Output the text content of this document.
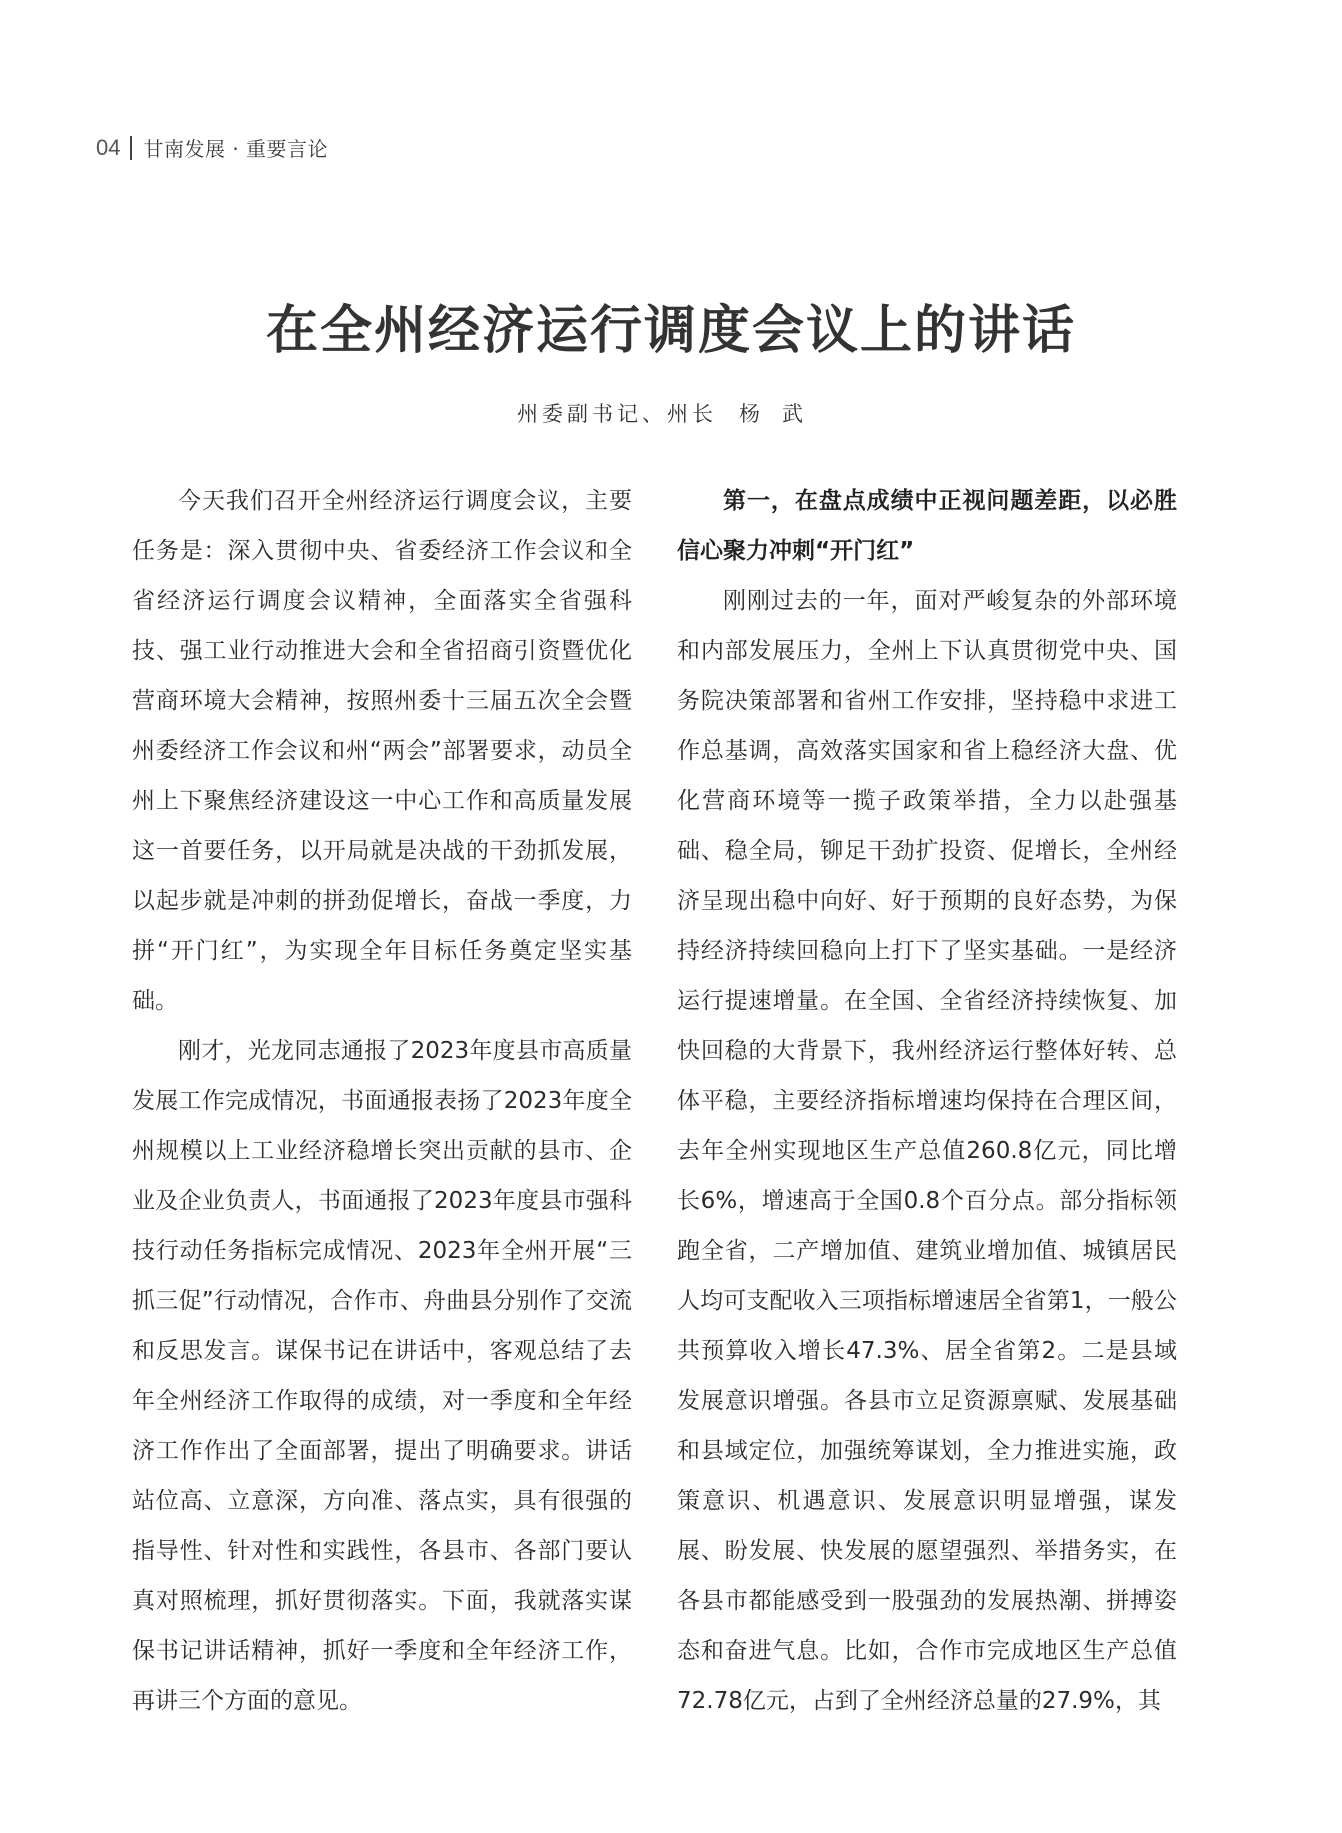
04 甘南发展 · 重要言论
在全州经济运行调度会议上的讲话
州委副书记、州长 杨武

今天我们召开全州经济运行调度会议，主要任务是：深入贯彻中央、省委经济工作会议和全省经济运行调度会议精神，全面落实全省强科技、强工业行动推进大会和全省招商引资暨优化营商环境大会精神，按照州委十三届五次全会暨州委经济工作会议和州“两会”部署要求，动员全州上下聚焦经济建设这一中心工作和高质量发展这一首要任务，以开局就是决战的干劲抓发展，以起步就是冲刺的拼劲促增长，奋战一季度，力拼“开门红”，为实现全年目标任务奠定坚实基础。

刚才，光龙同志通报了2023年度县市高质量发展工作完成情况，书面通报表扬了2023年度全州规模以上工业经济稳增长突出贡献的县市、企业及企业负责人，书面通报了2023年度县市强科技行动任务指标完成情况、2023年全州开展“三抓三促”行动情况，合作市、舟曲县分别作了交流和反思发言。谋保书记在讲话中，客观总结了去年全州经济工作取得的成绩，对一季度和全年经济工作作出了全面部署，提出了明确要求。讲话站位高、立意深，方向准、落点实，具有很强的指导性、针对性和实践性，各县市、各部门要认真对照梳理，抓好贯彻落实。下面，我就落实谋保书记讲话精神，抓好一季度和全年经济工作，再讲三个方面的意见。

第一，在盘点成绩中正视问题差距，以必胜信心聚力冲刺“开门红”

刚刚过去的一年，面对严峻复杂的外部环境和内部发展压力，全州上下认真贯彻党中央、国务院决策部署和省州工作安排，坚持稳中求进工作总基调，高效落实国家和省上稳经济大盘、优化营商环境等一揽子政策举措，全力以赴强基础、稳全局，铆足干劲扩投资、促增长，全州经济呈现出稳中向好、好于预期的良好态势，为保持经济持续回稳向上打下了坚实基础。一是经济运行提速增量。在全国、全省经济持续恢复、加快回稳的大背景下，我州经济运行整体好转、总体平稳，主要经济指标增速均保持在合理区间，去年全州实现地区生产总值260.8亿元，同比增长6%，增速高于全国0.8个百分点。部分指标领跑全省，二产增加值、建筑业增加值、城镇居民人均可支配收入三项指标增速居全省第1，一般公共预算收入增长47.3%、居全省第2。二是县域发展意识增强。各县市立足资源禀赋、发展基础和县域定位，加强统筹谋划，全力推进实施，政策意识、机遇意识、发展意识明显增强，谋发展、盼发展、快发展的愿望强烈、举措务实，在各县市都能感受到一股强劲的发展热潮、拼搏姿态和奋进气息。比如，合作市完成地区生产总值72.78亿元，占到了全州经济总量的27.9%，其
